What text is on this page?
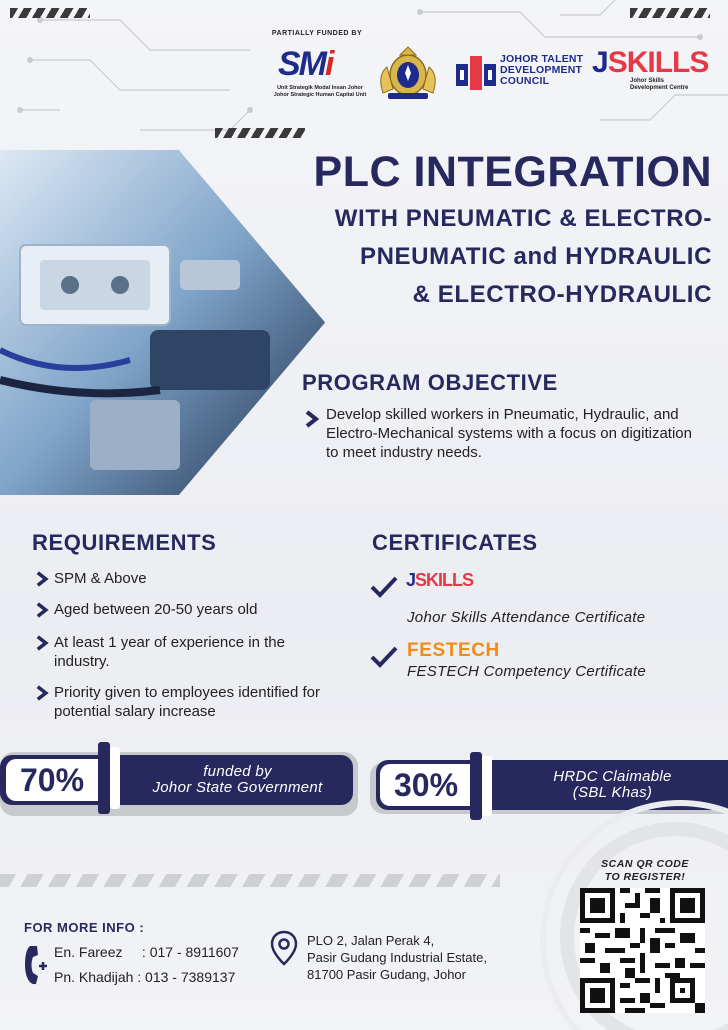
PARTIALLY FUNDED BY
SMi
Unit Strategik Modal Insan Johor
Johor Strategic Human Capital Unit
JOHOR TALENT
DEVELOPMENT
COUNCIL
JSKILLS
Johor Skills
Development Centre
PLC INTEGRATION
WITH PNEUMATIC & ELECTRO-
PNEUMATIC and HYDRAULIC
& ELECTRO-HYDRAULIC
PROGRAM OBJECTIVE
Develop skilled workers in Pneumatic, Hydraulic, and Electro-Mechanical systems with a focus on digitization to meet industry needs.
REQUIREMENTS
SPM & Above
Aged between 20-50 years old
At least 1 year of experience in the industry.
Priority given to employees identified for potential salary increase
CERTIFICATES
JSKILLS
Johor Skills Attendance Certificate
FESTECH
FESTECH Competency Certificate
70%	funded by
Johor State Government	30%	HRDC Claimable
(SBL Khas)
FOR MORE INFO :
En. Fareez     : 017 - 8911607
Pn. Khadijah : 013 - 7389137
PLO 2, Jalan Perak 4,
Pasir Gudang Industrial Estate,
81700 Pasir Gudang, Johor
SCAN QR CODE
TO REGISTER!
